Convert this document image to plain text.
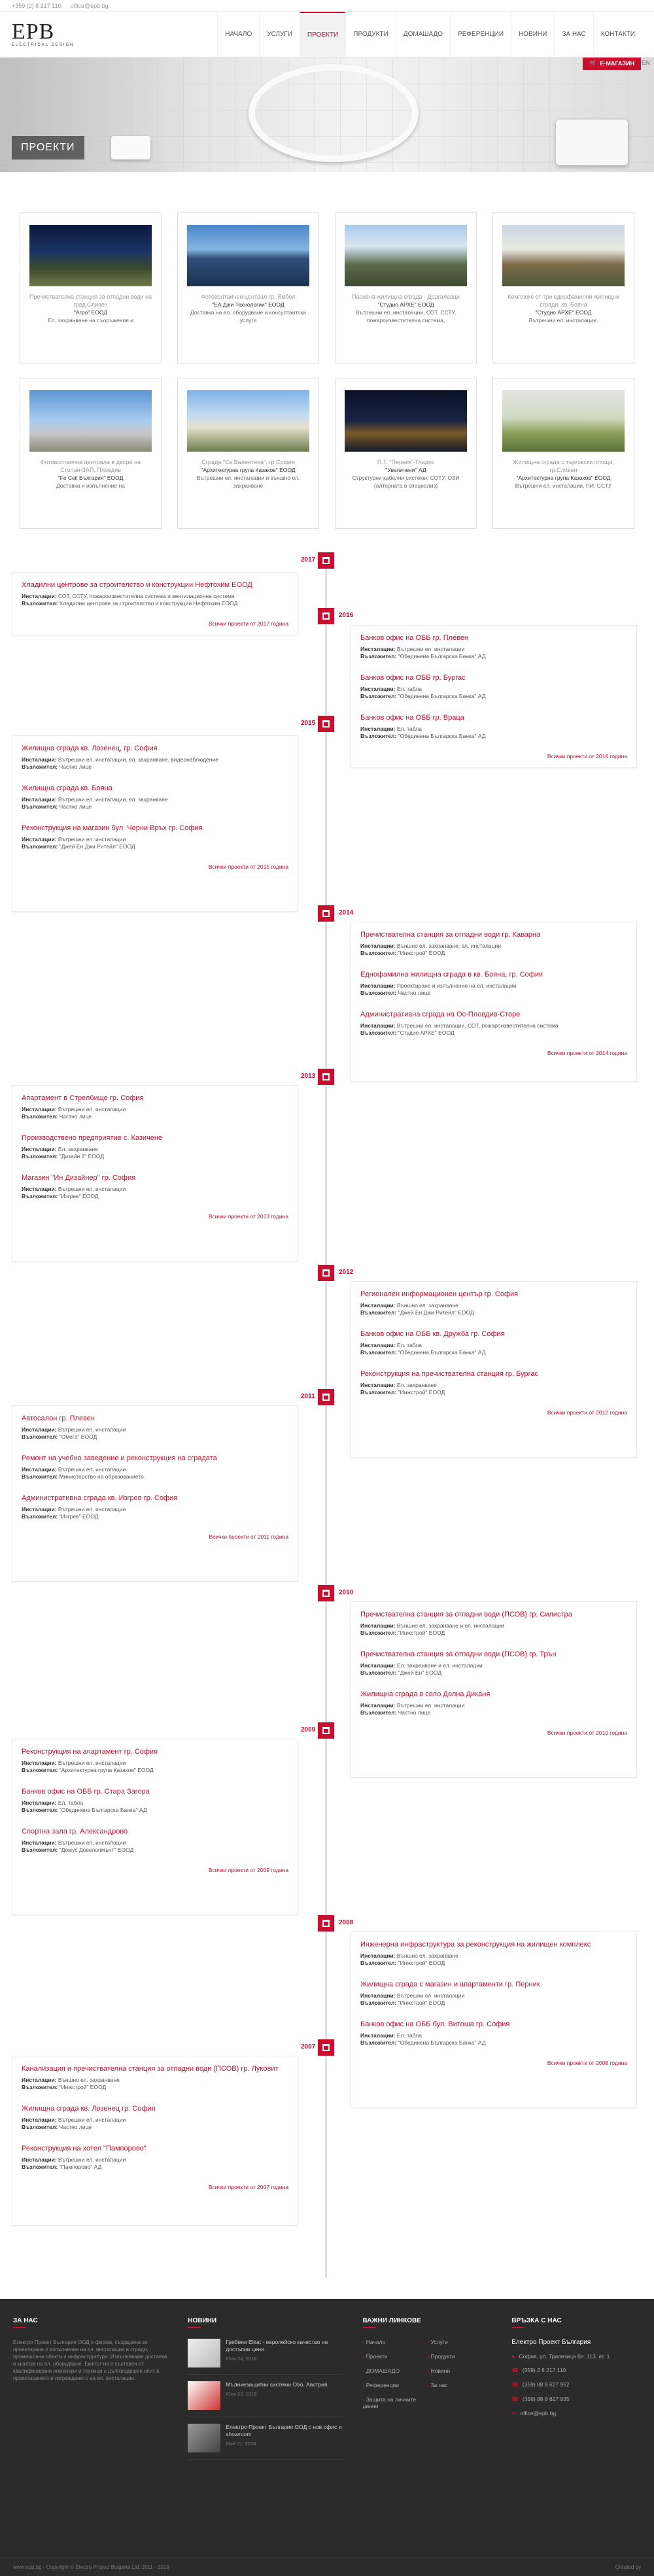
+359 (2) 8 217 110 office@epb.bg
EPB
ELECTRICAL DESIGN
НАЧАЛО	УСЛУГИ	ПРОЕКТИ	ПРОДУКТИ	ДОМАШАДО	РЕФЕРЕНЦИИ	НОВИНИ	ЗА НАС	КОНТАКТИ
🛒 Е-МАГАЗИН	EN
ПРОЕКТИ
Пречиствателна станция за отпадни води на град Сливен
"Агро" ЕООД
Ел. захранване на съоръжения и
Фотоволтаичен централ гр. Ямбол
"ЕА Джи Технологии" ЕООД
Доставка на ел. оборудване и консултантски услуги
Пасивна жилищна сграда - Драгалевци
"Студио АРХЕ" ЕООД
Вътрешни ел. инсталации, СОТ, ССТУ, пожароизвестителна система,
Комплекс от три еднофамилни жилищни сгради, кв. Бояна
"Студио АРХЕ" ЕООД
Вътрешни ел. инсталации.
Фотоволтаична централа в двора на Стопан-ЗАП, Пловдив
"Fe Ceil България" ЕООД
Доставка и изпълнение на
Сграда "Св.Валентина", гр.София
"Архитектурна група Казаков" ЕООД
Вътрешни ел. инсталации и външно ел. захранване
П.Т. "Перник"-Гладко
"Увеличени" АД
Структурни кабелни системи, СОТУ, ОЗИ (алтерната в специализ)
Жилищна сграда с търговски площи, гр.Сливен
"Архитектурна група Казаков" ЕООД
Вътрешни ел. инсталации, ПИ, ССТУ
2017
Хладилни центрове за строителство и конструкции Нефтохим ЕООД
Инсталации: СОТ, ССТУ, пожароизвестителна система и вентилационна система
Възложител: Хладилни центрове за строителство и конструкции Нефтохим ЕООД
Всички проекти от 2017 година
2016
Банков офис на ОББ гр. Плевен
Инсталации: Вътрешни ел. инсталации
Възложител: "Обединена Българска Банка" АД
Банков офис на ОББ гр. Бургас
Инсталации: Ел. табла
Възложител: "Обединена Българска Банка" АД
Банков офис на ОББ гр. Враца
Инсталации: Ел. табла
Възложител: "Обединена Българска Банка" АД
Всички проекти от 2016 година
2015
Жилищна сграда кв. Лозенец, гр. София
Инсталации: Вътрешни ел. инсталации, ел. захранване, видеонаблюдение
Възложител: Частно лице
Жилищна сграда кв. Бояна
Инсталации: Вътрешни ел. инсталации, ел. захранване
Възложител: Частно лице
Реконструкция на магазин бул. Черни Връх гр. София
Инсталации: Вътрешни ел. инсталации
Възложител: "Джей Ен Джи Ритейл" ЕООД
Всички проекти от 2015 година
2014
Пречиствателна станция за отпадни води гр. Каварна
Инсталации: Външно ел. захранване, ел. инсталации
Възложител: "Инжстрой" ЕООД
Еднофамилна жилищна сграда в кв. Бояна, гр. София
Инсталации: Проектиране и изпълнение на ел. инсталации
Възложител: Частно лице
Административна сграда на Ос-Пловдив-Сторе
Инсталации: Вътрешни ел. инсталации, СОТ, пожароизвестителна система
Възложител: "Студио АРХЕ" ЕООД
Всички проекти от 2014 година
2013
Апартамент в Стрелбище гр. София
Инсталации: Вътрешни ел. инсталации
Възложител: Частно лице
Производствено предприятие с. Казичене
Инсталации: Ел. захранване
Възложител: "Дизайн 2" ЕООД
Магазин "Ин Дизайнер" гр. София
Инсталации: Вътрешни ел. инсталации
Възложител: "Изгрев" ЕООД
Всички проекти от 2013 година
2012
Регионален информационен център гр. София
Инсталации: Външно ел. захранване
Възложител: "Джей Ен Джи Ритейл" ЕООД
Банков офис на ОББ кв. Дружба гр. София
Инсталации: Ел. табла
Възложител: "Обединена Българска Банка" АД
Реконструкция на пречиствателна станция гр. Бургас
Инсталации: Ел. захранване
Възложител: "Инжстрой" ЕООД
Всички проекти от 2012 година
2011
Автосалон гр. Плевен
Инсталации: Вътрешни ел. инсталации
Възложител: "Омега" ЕООД
Ремонт на учебно заведение и реконструкция на сградата
Инсталации: Вътрешни ел. инсталации
Възложител: Министерство на образованието
Административна сграда кв. Изгрев гр. София
Инсталации: Вътрешни ел. инсталации
Възложител: "Изгрев" ЕООД
Всички проекти от 2011 година
2010
Пречиствателна станция за отпадни води (ПСОВ) гр. Силистра
Инсталации: Външно ел. захранване и ел. инсталации
Възложител: "Инжстрой" ЕООД
Пречиствателна станция за отпадни води (ПСОВ) гр. Трън
Инсталации: Ел. захранване и ел. инсталации
Възложител: "Джей Ен" ЕООД
Жилищна сграда в село Долна Диканя
Инсталации: Вътрешни ел. инсталации
Възложител: Частно лице
Всички проекти от 2010 година
2009
Реконструкция на апартамент гр. София
Инсталации: Вътрешни ел. инсталации
Възложител: "Архитектурна група Казаков" ЕООД
Банков офис на ОББ гр. Стара Загора
Инсталации: Ел. табла
Възложител: "Обединена Българска Банка" АД
Спортна зала гр. Александрово
Инсталации: Вътрешни ел. инсталации
Възложител: "Домус Девелопмънт" ЕООД
Всички проекти от 2009 година
2008
Инженерна инфраструктура за реконструкция на жилищен комплекс
Инсталации: Външно ел. захранване
Възложител: "Инжстрой" ЕООД
Жилищна сграда с магазин и апартаменти гр. Перник
Инсталации: Вътрешни ел. инсталации
Възложител: "Инжстрой" ЕООД
Банков офис на ОББ бул. Витоша гр. София
Инсталации: Ел. табла
Възложител: "Обединена Българска Банка" АД
Всички проекти от 2008 година
2007
Канализация и пречиствателна станция за отпадни води (ПСОВ) гр. Луковит
Инсталации: Външно ел. захранване
Възложител: "Инжстрой" ЕООД
Жилищна сграда кв. Лозенец гр. София
Инсталации: Вътрешни ел. инсталации
Възложител: Частно лице
Реконструкция на хотел "Пампорово"
Инсталации: Вътрешни ел. инсталации
Възложител: "Пампорово" АД
Всички проекти от 2007 година
ЗА НАС
Електро Проект България ООД е фирма, създадена за проектиране и изпълнение на ел. инсталации в сгради, промишлени обекти и инфраструктура. Изпълняваме доставка и монтаж на ел. оборудване. Екипът ни е съставен от квалифицирани инженери и техници с дългогодишен опит в проектирането и изграждането на ел. инсталации.
НОВИНИ
Гребени Elkat - европейско качество на достъпни цени
Юли 24, 2018
Мълниезащитни системи Obo, Австрия
Юни 22, 2018
Електро Проект България ООД с нов офис и showroom
Май 21, 2018
ВАЖНИ ЛИНКОВЕ
› Начало	› Услуги
› Проекти	› Продукти
› ДОМАШАДО	› Новини
› Референции	› За нас
› Защита на личните данни
ВРЪЗКА С НАС
Електро Проект България
● София, ул. Трапезица бл. 113, ет. 1
☎ (359) 2 8 217 110
☎ (359) 88 8 627 952
☎ (359) 88 8 627 935
✉ office@epb.bg
www.epb.bg - Copyright © Electro Project Bulgaria Ltd. 2011 - 2019	Created by
